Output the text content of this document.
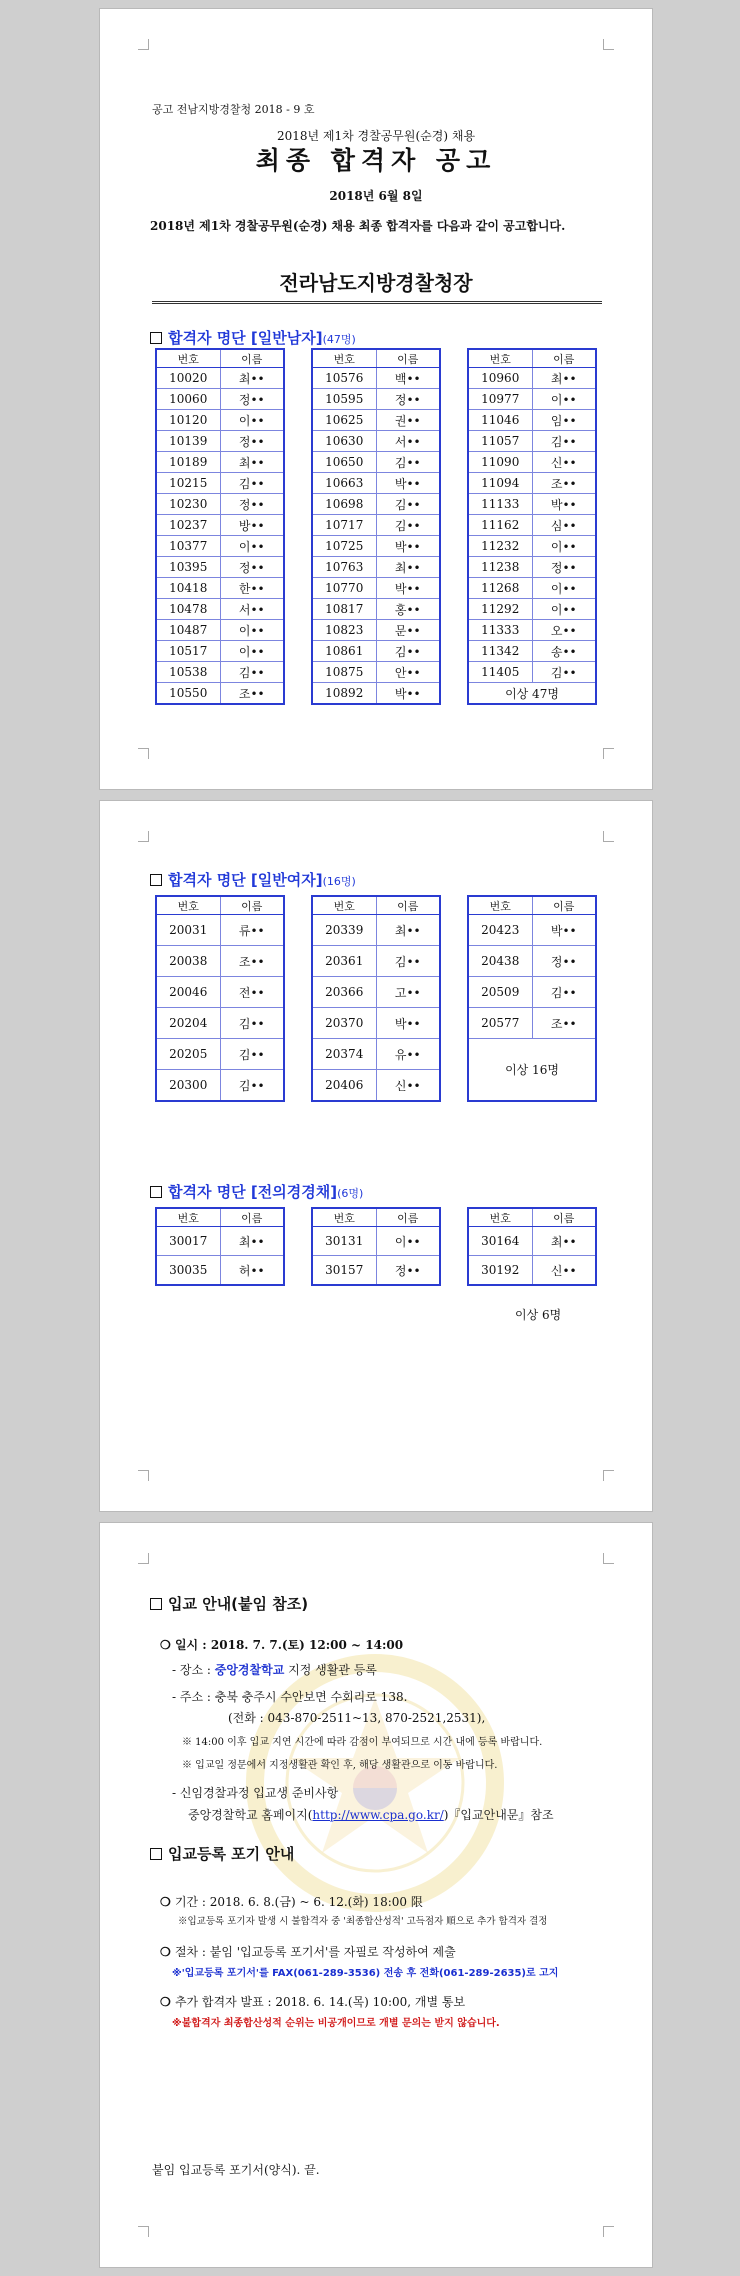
공고 전남지방경찰청 2018 - 9 호
2018년 제1차 경찰공무원(순경) 채용
최종 합격자 공고
2018년 6월 8일
2018년 제1차 경찰공무원(순경) 채용 최종 합격자를 다음과 같이 공고합니다.
전라남도지방경찰청장
합격자 명단 [일반남자](47명)
번호	이름
10020	최••
10060	정••
10120	이••
10139	정••
10189	최••
10215	김••
10230	정••
10237	방••
10377	이••
10395	정••
10418	한••
10478	서••
10487	이••
10517	이••
10538	김••
10550	조••
번호	이름
10576	백••
10595	정••
10625	권••
10630	서••
10650	김••
10663	박••
10698	김••
10717	김••
10725	박••
10763	최••
10770	박••
10817	홍••
10823	문••
10861	김••
10875	안••
10892	박••
번호	이름
10960	최••
10977	이••
11046	임••
11057	김••
11090	신••
11094	조••
11133	박••
11162	심••
11232	이••
11238	정••
11268	이••
11292	이••
11333	오••
11342	송••
11405	김••
이상 47명	
합격자 명단 [일반여자](16명)
번호	이름
20031	류••
20038	조••
20046	전••
20204	김••
20205	김••
20300	김••
번호	이름
20339	최••
20361	김••
20366	고••
20370	박••
20374	유••
20406	신••
번호	이름
20423	박••
20438	정••
20509	김••
20577	조••
이상 16명	
합격자 명단 [전의경경채](6명)
번호	이름
30017	최••
30035	허••
번호	이름
30131	이••
30157	정••
번호	이름
30164	최••
30192	신••
이상 6명
입교 안내(붙임 참조)
❍ 일시 : 2018. 7. 7.(토) 12:00 ~ 14:00
- 장소 : 중앙경찰학교 지정 생활관 등록
- 주소 : 충북 충주시 수안보면 수회리로 138.
(전화 : 043-870-2511~13, 870-2521,2531),
※ 14:00 이후 입교 지연 시간에 따라 감점이 부여되므로 시간 내에 등록 바랍니다.
※ 입교일 정문에서 지정생활관 확인 후, 해당 생활관으로 이동 바랍니다.
- 신임경찰과정 입교생 준비사항
중앙경찰학교 홈페이지(http://www.cpa.go.kr/)『입교안내문』참조
입교등록 포기 안내
❍ 기간 : 2018. 6. 8.(금) ~ 6. 12.(화) 18:00 限
※입교등록 포기자 발생 시 불합격자 중 '최종합산성적' 고득점자 順으로 추가 합격자 결정
❍ 절차 : 붙임 '입교등록 포기서'를 자필로 작성하여 제출
※'입교등록 포기서'를 FAX(061-289-3536) 전송 후 전화(061-289-2635)로 고지
❍ 추가 합격자 발표 : 2018. 6. 14.(목) 10:00, 개별 통보
※불합격자 최종합산성적 순위는 비공개이므로 개별 문의는 받지 않습니다.
붙임 입교등록 포기서(양식). 끝.
